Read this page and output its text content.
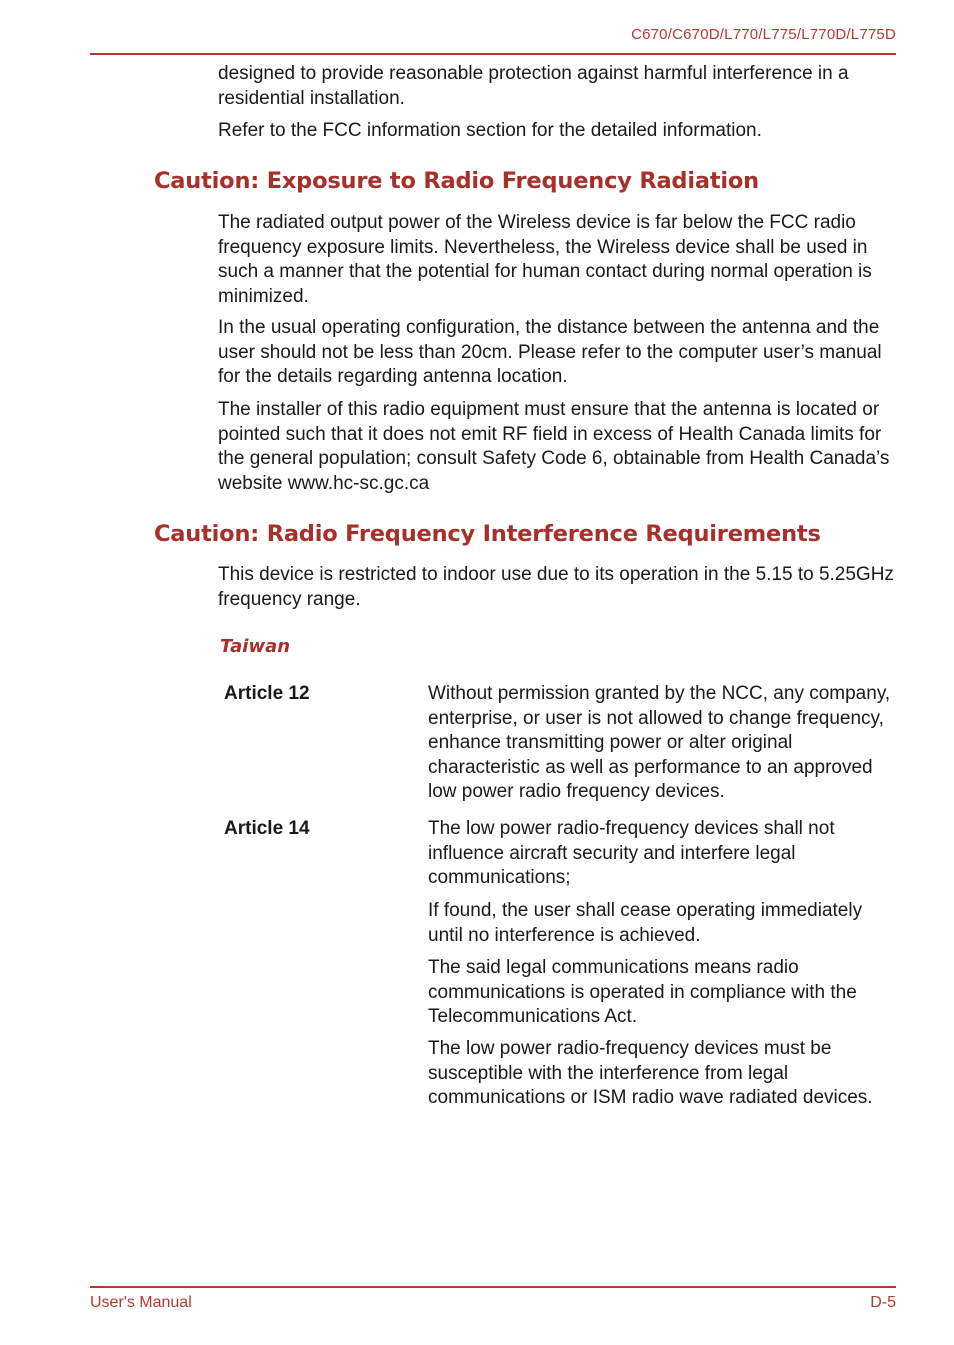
C670/C670D/L770/L775/L770D/L775D

designed to provide reasonable protection against harmful interference in a residential installation.

Refer to the FCC information section for the detailed information.

Caution: Exposure to Radio Frequency Radiation

The radiated output power of the Wireless device is far below the FCC radio frequency exposure limits. Nevertheless, the Wireless device shall be used in such a manner that the potential for human contact during normal operation is minimized.

In the usual operating configuration, the distance between the antenna and the user should not be less than 20cm. Please refer to the computer user’s manual for the details regarding antenna location.

The installer of this radio equipment must ensure that the antenna is located or pointed such that it does not emit RF field in excess of Health Canada limits for the general population; consult Safety Code 6, obtainable from Health Canada’s website www.hc-sc.gc.ca

Caution: Radio Frequency Interference Requirements

This device is restricted to indoor use due to its operation in the 5.15 to 5.25GHz frequency range.

Taiwan
Article 12	Without permission granted by the NCC, any company, enterprise, or user is not allowed to change frequency, enhance transmitting power or alter original characteristic as well as performance to an approved low power radio frequency devices.

Article 14	The low power radio-frequency devices shall not influence aircraft security and interfere legal communications;

If found, the user shall cease operating immediately until no interference is achieved.

The said legal communications means radio communications is operated in compliance with the Telecommunications Act.

The low power radio-frequency devices must be susceptible with the interference from legal communications or ISM radio wave radiated devices.

User's Manual	D-5
